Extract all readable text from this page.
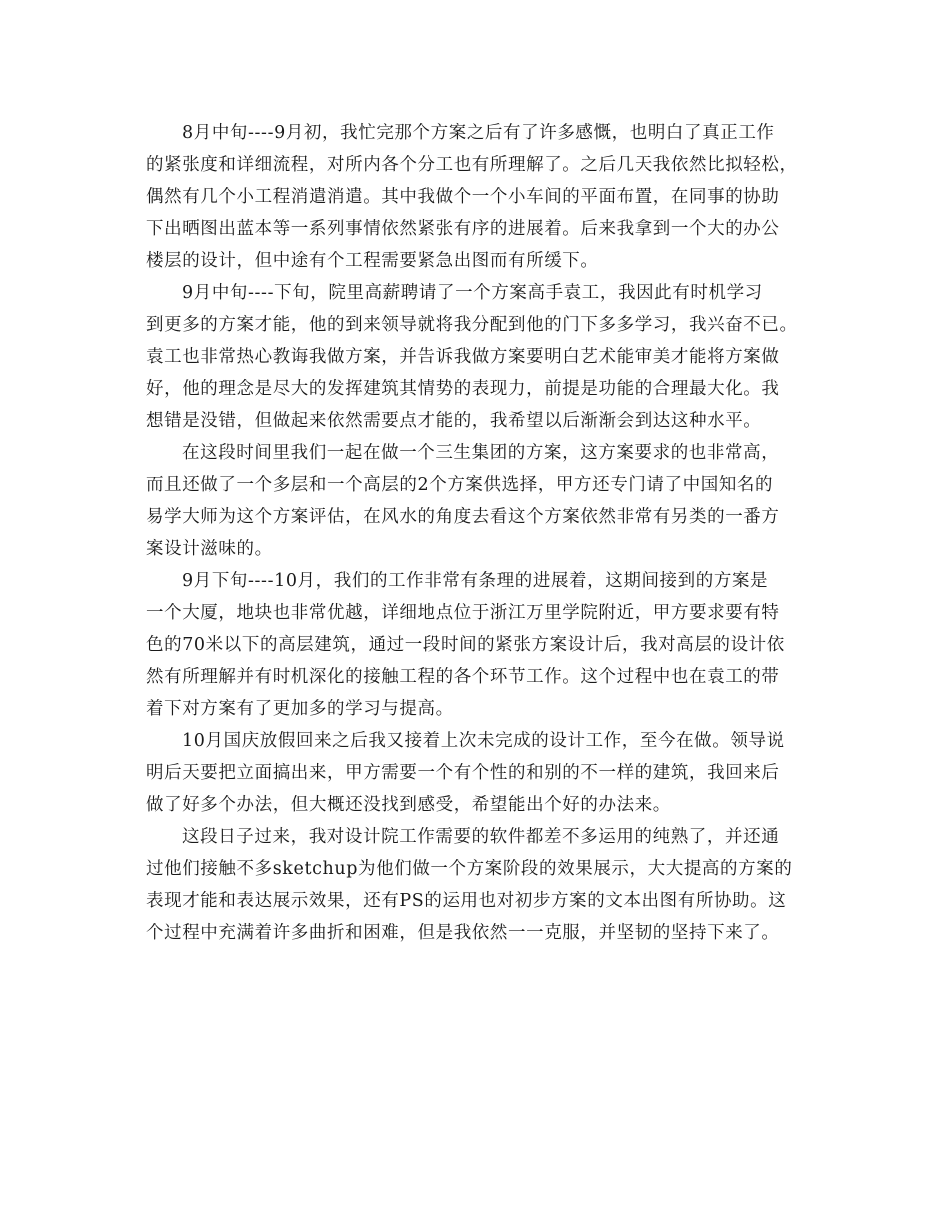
8月中旬----9月初，我忙完那个方案之后有了许多感慨，也明白了真正工作
的紧张度和详细流程，对所内各个分工也有所理解了。之后几天我依然比拟轻松，
偶然有几个小工程消遣消遣。其中我做个一个小车间的平面布置，在同事的协助
下出晒图出蓝本等一系列事情依然紧张有序的进展着。后来我拿到一个大的办公
楼层的设计，但中途有个工程需要紧急出图而有所缓下。

9月中旬----下旬，院里高薪聘请了一个方案高手袁工，我因此有时机学习
到更多的方案才能，他的到来领导就将我分配到他的门下多多学习，我兴奋不已。
袁工也非常热心教诲我做方案，并告诉我做方案要明白艺术能审美才能将方案做
好，他的理念是尽大的发挥建筑其情势的表现力，前提是功能的合理最大化。我
想错是没错，但做起来依然需要点才能的，我希望以后渐渐会到达这种水平。

在这段时间里我们一起在做一个三生集团的方案，这方案要求的也非常高，
而且还做了一个多层和一个高层的2个方案供选择，甲方还专门请了中国知名的
易学大师为这个方案评估，在风水的角度去看这个方案依然非常有另类的一番方
案设计滋味的。

9月下旬----10月，我们的工作非常有条理的进展着，这期间接到的方案是
一个大厦，地块也非常优越，详细地点位于浙江万里学院附近，甲方要求要有特
色的70米以下的高层建筑，通过一段时间的紧张方案设计后，我对高层的设计依
然有所理解并有时机深化的接触工程的各个环节工作。这个过程中也在袁工的带
着下对方案有了更加多的学习与提高。

10月国庆放假回来之后我又接着上次未完成的设计工作，至今在做。领导说
明后天要把立面搞出来，甲方需要一个有个性的和别的不一样的建筑，我回来后
做了好多个办法，但大概还没找到感受，希望能出个好的办法来。

这段日子过来，我对设计院工作需要的软件都差不多运用的纯熟了，并还通
过他们接触不多sketchup为他们做一个方案阶段的效果展示，大大提高的方案的
表现才能和表达展示效果，还有PS的运用也对初步方案的文本出图有所协助。这
个过程中充满着许多曲折和困难，但是我依然一一克服，并坚韧的坚持下来了。
